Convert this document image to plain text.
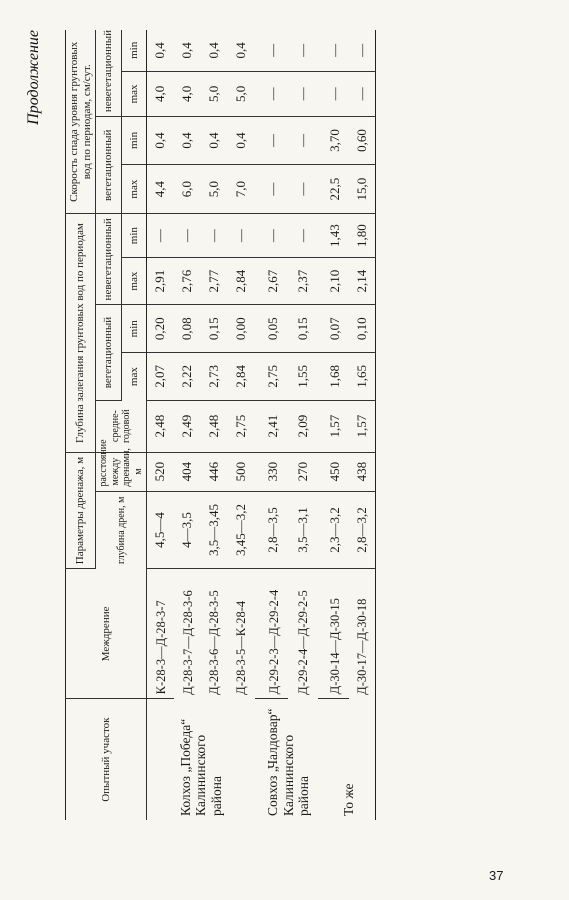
Продолжение
Опытный участок	Междрение	Параметры дренажа, м		Глубина залегания грунтовых вод по периодам					Скорость спада уровня грунтовых вод по периодам, см/сут.			
		глубина дрен, м	расстояние между дренами, м	средне-годовой	вегетационный		невегетационный		вегетационный		невегетационный	
					max	min	max	min	max	min	max	min
Колхоз „Победа“ Калининского района	К-28-3—Д-28-3-7	4,5—4	520	2,48	2,07	0,20	2,91	—	4,4	0,4	4,0	0,4
	Д-28-3-7—Д-28-3-6	4—3,5	404	2,49	2,22	0,08	2,76	—	6,0	0,4	4,0	0,4
	Д-28-3-6—Д-28-3-5	3,5—3,45	446	2,48	2,73	0,15	2,77	—	5,0	0,4	5,0	0,4
	Д-28-3-5—К-28-4	3,45—3,2	500	2,75	2,84	0,00	2,84	—	7,0	0,4	5,0	0,4
Совхоз „Чалдовар“ Калининского района	Д-29-2-3—Д-29-2-4	2,8—3,5	330	2,41	2,75	0,05	2,67	—	—	—	—	—
	Д-29-2-4—Д-29-2-5	3,5—3,1	270	2,09	1,55	0,15	2,37	—	—	—	—	—
То же	Д-30-14—Д-30-15	2,3—3,2	450	1,57	1,68	0,07	2,10	1,43	22,5	3,70	—	—
	Д-30-17—Д-30-18	2,8—3,2	438	1,57	1,65	0,10	2,14	1,80	15,0	0,60	—	—
37
